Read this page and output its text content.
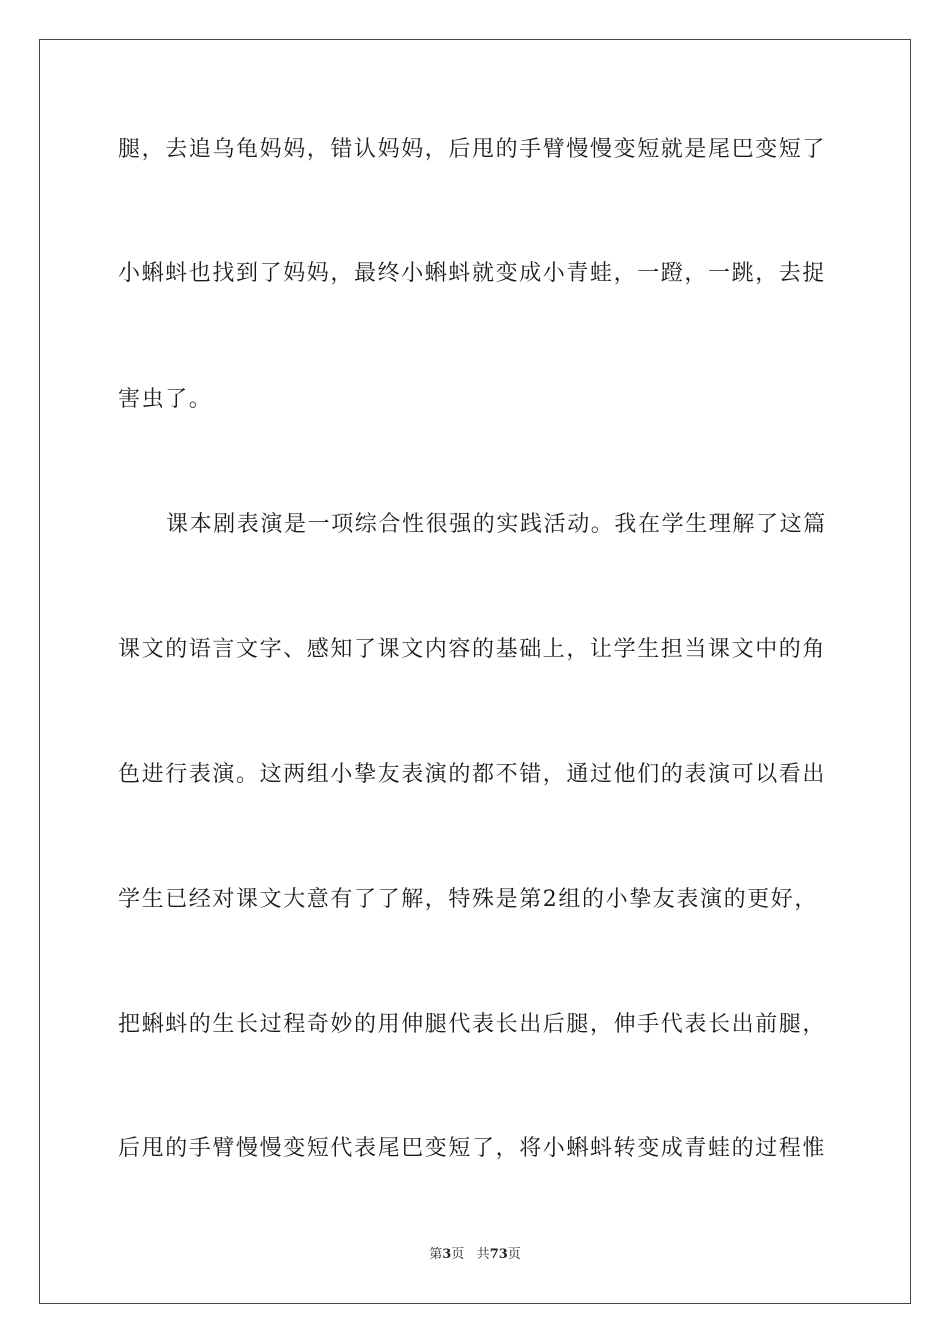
腿，去追乌龟妈妈，错认妈妈，后甩的手臂慢慢变短就是尾巴变短了
小蝌蚪也找到了妈妈，最终小蝌蚪就变成小青蛙，一蹬，一跳，去捉
害虫了。
课本剧表演是一项综合性很强的实践活动。我在学生理解了这篇
课文的语言文字、感知了课文内容的基础上，让学生担当课文中的角
色进行表演。这两组小挚友表演的都不错，通过他们的表演可以看出
学生已经对课文大意有了了解，特殊是第2组的小挚友表演的更好，
把蝌蚪的生长过程奇妙的用伸腿代表长出后腿，伸手代表长出前腿，
后甩的手臂慢慢变短代表尾巴变短了，将小蝌蚪转变成青蛙的过程惟
第3页 共73页
